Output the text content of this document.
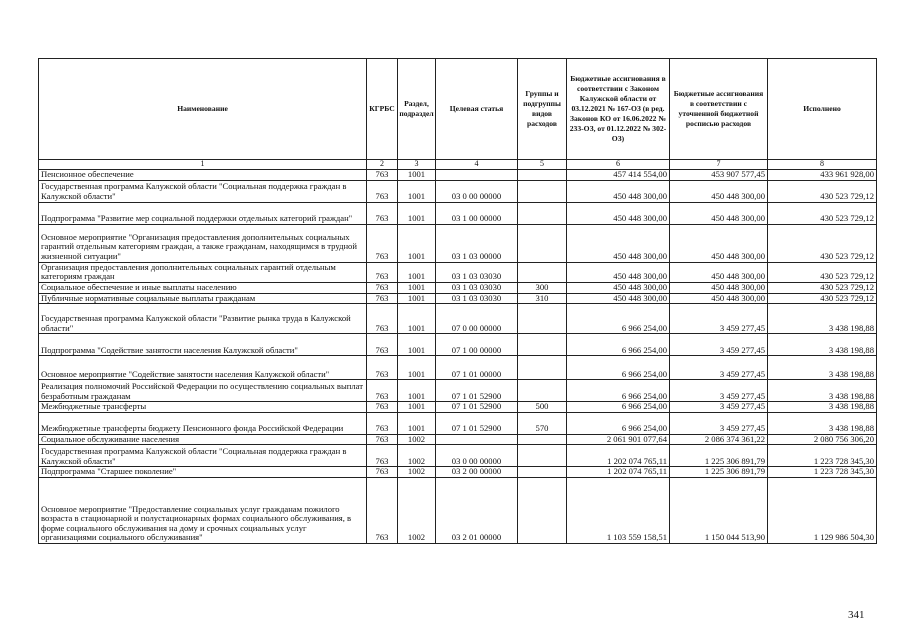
Наименование	КГРБС	Раздел, подраздел	Целевая статья	Группы и подгруппы видов расходов	Бюджетные ассигнования в соответствии с Законом Калужской области от 03.12.2021 № 167-ОЗ (в ред. Законов КО от 16.06.2022 № 233-ОЗ, от 01.12.2022 № 302-ОЗ)	Бюджетные ассигнования в соответствии с уточненной бюджетной росписью расходов	Исполнено
1	2	3	4	5	6	7	8
Пенсионное обеспечение	763	1001			457 414 554,00	453 907 577,45	433 961 928,00
Государственная программа Калужской области "Социальная поддержка граждан в Калужской области"	763	1001	03 0 00 00000		450 448 300,00	450 448 300,00	430 523 729,12
Подпрограмма "Развитие мер социальной поддержки отдельных категорий граждан"	763	1001	03 1 00 00000		450 448 300,00	450 448 300,00	430 523 729,12
Основное мероприятие "Организация предоставления дополнительных социальных гарантий отдельным категориям граждан, а также гражданам, находящимся в трудной жизненной ситуации"	763	1001	03 1 03 00000		450 448 300,00	450 448 300,00	430 523 729,12
Организация предоставления дополнительных социальных гарантий отдельным категориям граждан	763	1001	03 1 03 03030		450 448 300,00	450 448 300,00	430 523 729,12
Социальное обеспечение и иные выплаты населению	763	1001	03 1 03 03030	300	450 448 300,00	450 448 300,00	430 523 729,12
Публичные нормативные социальные выплаты гражданам	763	1001	03 1 03 03030	310	450 448 300,00	450 448 300,00	430 523 729,12
Государственная программа Калужской области "Развитие рынка труда в Калужской области"	763	1001	07 0 00 00000		6 966 254,00	3 459 277,45	3 438 198,88
Подпрограмма "Содействие занятости населения Калужской области"	763	1001	07 1 00 00000		6 966 254,00	3 459 277,45	3 438 198,88
Основное мероприятие "Содействие занятости населения Калужской области"	763	1001	07 1 01 00000		6 966 254,00	3 459 277,45	3 438 198,88
Реализация полномочий Российской Федерации по осуществлению социальных выплат безработным гражданам	763	1001	07 1 01 52900		6 966 254,00	3 459 277,45	3 438 198,88
Межбюджетные трансферты	763	1001	07 1 01 52900	500	6 966 254,00	3 459 277,45	3 438 198,88
Межбюджетные трансферты бюджету Пенсионного фонда Российской Федерации	763	1001	07 1 01 52900	570	6 966 254,00	3 459 277,45	3 438 198,88
Социальное обслуживание населения	763	1002			2 061 901 077,64	2 086 374 361,22	2 080 756 306,20
Государственная программа Калужской области "Социальная поддержка граждан в Калужской области"	763	1002	03 0 00 00000		1 202 074 765,11	1 225 306 891,79	1 223 728 345,30
Подпрограмма "Старшее поколение"	763	1002	03 2 00 00000		1 202 074 765,11	1 225 306 891,79	1 223 728 345,30
Основное мероприятие "Предоставление социальных услуг гражданам пожилого возраста в стационарной и полустационарных формах социального обслуживания, в форме социального обслуживания на дому и срочных социальных услуг организациями социального обслуживания"	763	1002	03 2 01 00000		1 103 559 158,51	1 150 044 513,90	1 129 986 504,30
341
